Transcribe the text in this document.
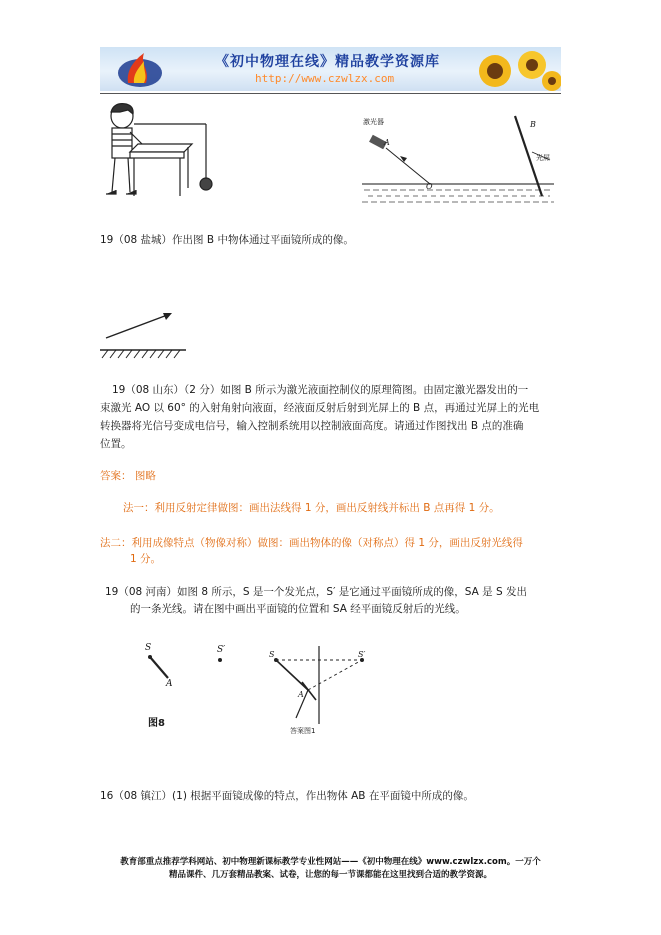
《初中物理在线》精品教学资源库
http://www.czwlzx.com
激光器
A
O
B
光屏
19（08 盐城）作出图 B 中物体通过平面镜所成的像。
19（08 山东）（2 分）如图 B 所示为激光液面控制仪的原理简图。由固定激光器发出的一
束激光 AO 以 60° 的入射角射向液面，经液面反射后射到光屏上的 B 点，再通过光屏上的光电
转换器将光信号变成电信号，输入控制系统用以控制液面高度。请通过作图找出 B 点的准确
位置。
答案： 图略
法一：利用反射定律做图：画出法线得 1 分，画出反射线并标出 B 点再得 1 分。
法二：利用成像特点（物像对称）做图：画出物体的像（对称点）得 1 分，画出反射光线得
1 分。
19（08 河南）如图 8 所示，S 是一个发光点，S′ 是它通过平面镜所成的像，SA 是 S 发出
的一条光线。请在图中画出平面镜的位置和 SA 经平面镜反射后的光线。
S	S′
A
图8
S	S′
A
答案图1
16（08 镇江）(1) 根据平面镜成像的特点，作出物体 AB 在平面镜中所成的像。
教育部重点推荐学科网站、初中物理新课标教学专业性网站——《初中物理在线》www.czwlzx.com。一万个
精品课件、几万套精品教案、试卷，让您的每一节课都能在这里找到合适的教学资源。
